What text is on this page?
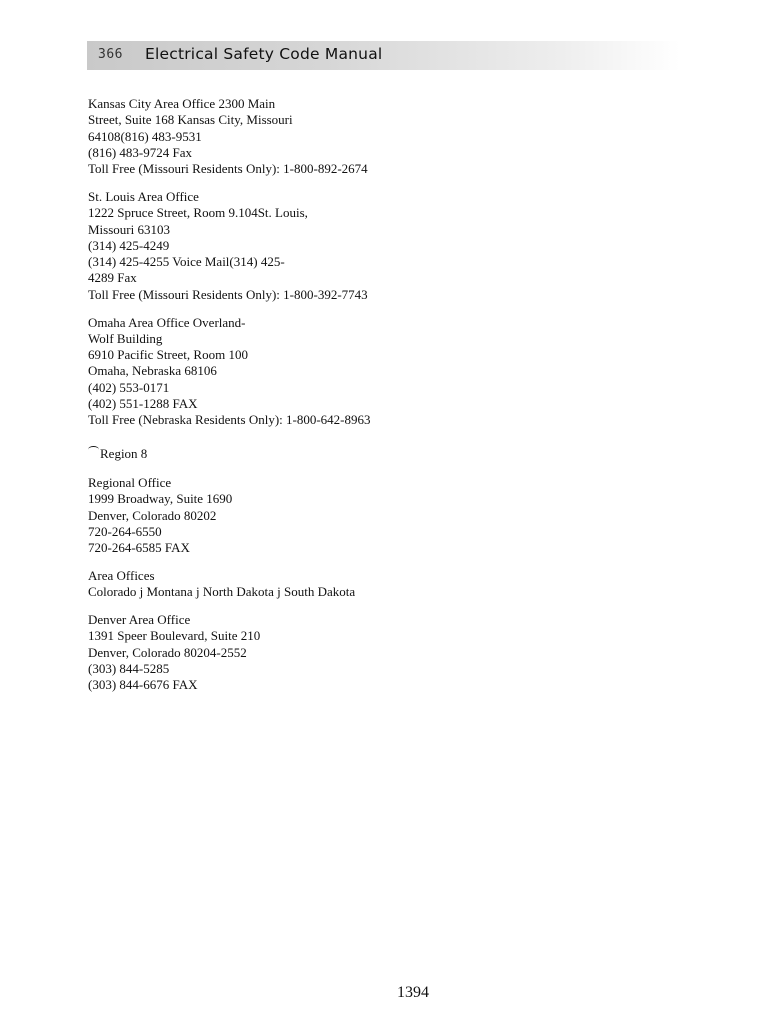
366 Electrical Safety Code Manual
Kansas City Area Office 2300 Main
Street, Suite 168 Kansas City, Missouri
64108(816) 483-9531
(816) 483-9724 Fax
Toll Free (Missouri Residents Only): 1-800-892-2674
St. Louis Area Office
1222 Spruce Street, Room 9.104St. Louis,
Missouri 63103
(314) 425-4249
(314) 425-4255 Voice Mail(314) 425-
4289 Fax
Toll Free (Missouri Residents Only): 1-800-392-7743
Omaha Area Office Overland-
Wolf Building
6910 Pacific Street, Room 100
Omaha, Nebraska 68106
(402) 553-0171
(402) 551-1288 FAX
Toll Free (Nebraska Residents Only): 1-800-642-8963
Region 8
Regional Office
1999 Broadway, Suite 1690
Denver, Colorado 80202
720-264-6550
720-264-6585 FAX
Area Offices
Colorado j Montana j North Dakota j South Dakota
Denver Area Office
1391 Speer Boulevard, Suite 210
Denver, Colorado 80204-2552
(303) 844-5285
(303) 844-6676 FAX
1394
